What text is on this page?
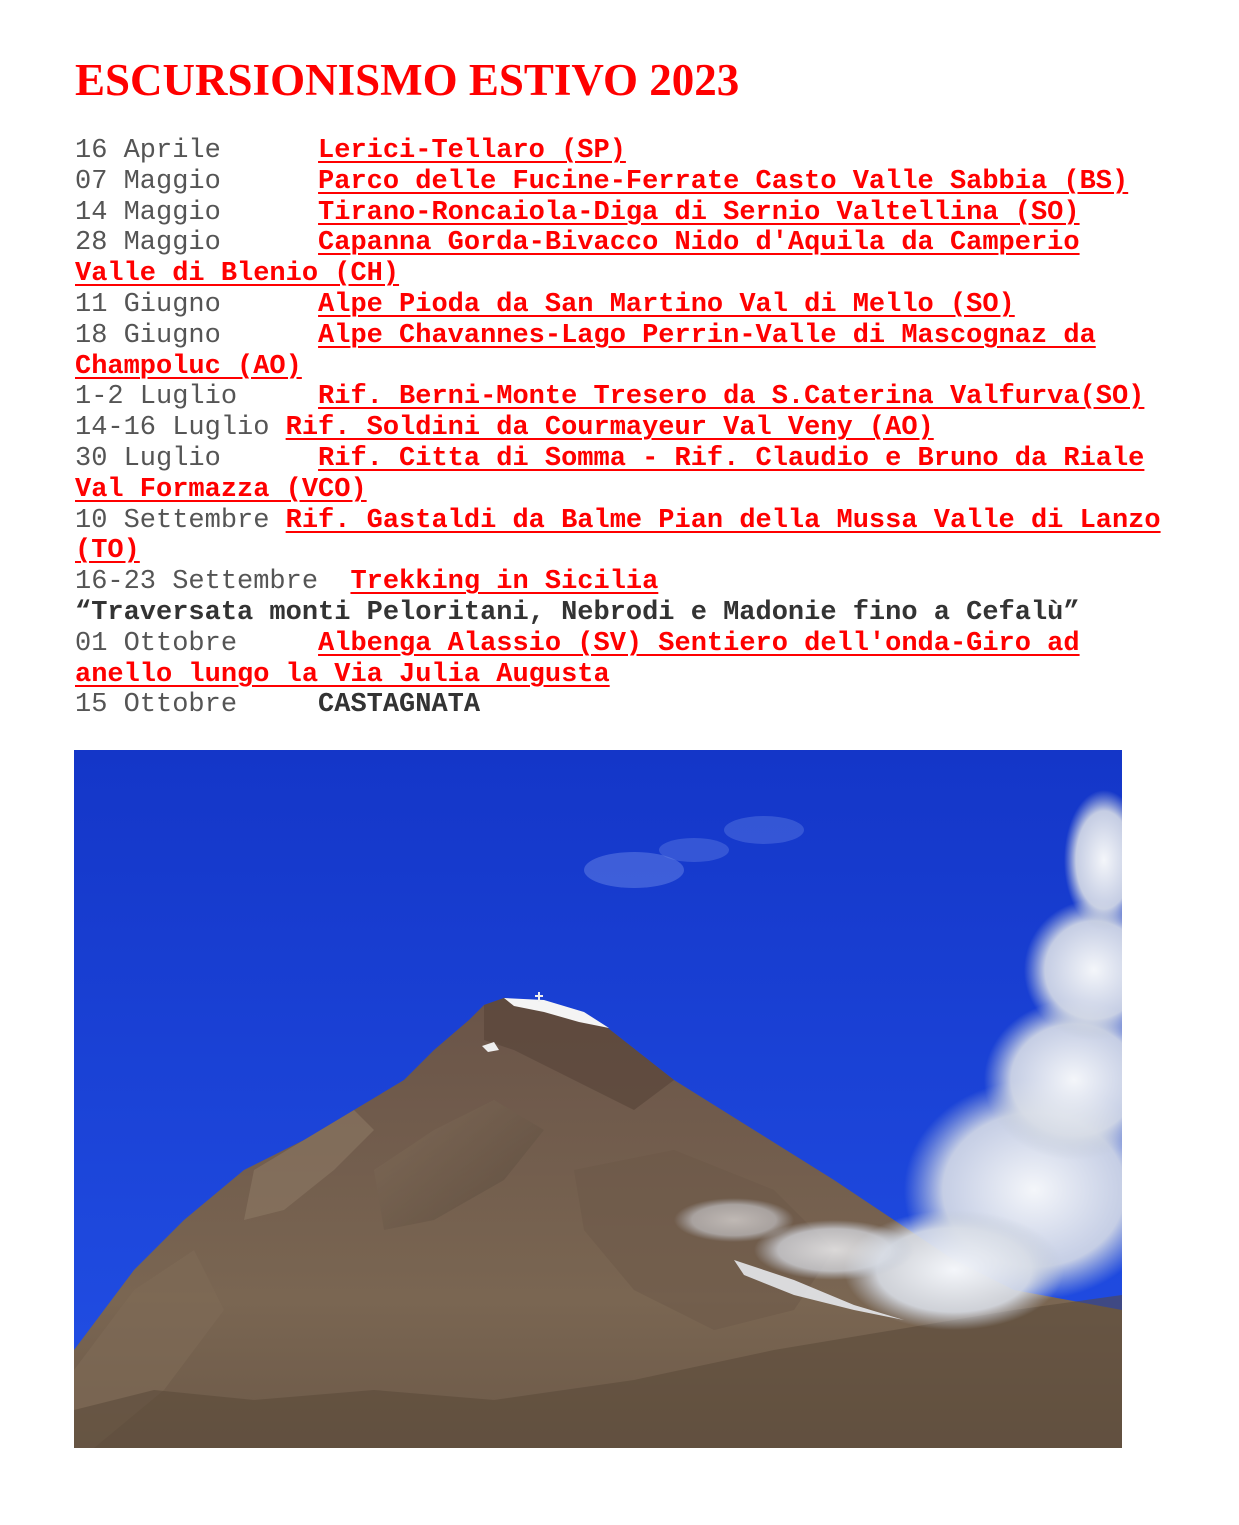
ESCURSIONISMO ESTIVO 2023
16 Aprile      Lerici-Tellaro (SP)
07 Maggio      Parco delle Fucine-Ferrate Casto Valle Sabbia (BS)
14 Maggio      Tirano-Roncaiola-Diga di Sernio Valtellina (SO)
28 Maggio      Capanna Gorda-Bivacco Nido d'Aquila da Camperio Valle di Blenio (CH)
11 Giugno      Alpe Pioda da San Martino Val di Mello (SO)
18 Giugno      Alpe Chavannes-Lago Perrin-Valle di Mascognaz da Champoluc (AO)
1-2 Luglio     Rif. Berni-Monte Tresero da S.Caterina Valfurva(SO)
14-16 Luglio Rif. Soldini da Courmayeur Val Veny (AO)
30 Luglio      Rif. Citta di Somma - Rif. Claudio e Bruno da Riale Val Formazza (VCO)
10 Settembre Rif. Gastaldi da Balme Pian della Mussa Valle di Lanzo (TO)
16-23 Settembre  Trekking in Sicilia
“Traversata monti Peloritani, Nebrodi e Madonie fino a Cefalù”
01 Ottobre     Albenga Alassio (SV) Sentiero dell'onda-Giro ad anello lungo la Via Julia Augusta
15 Ottobre     CASTAGNATA
